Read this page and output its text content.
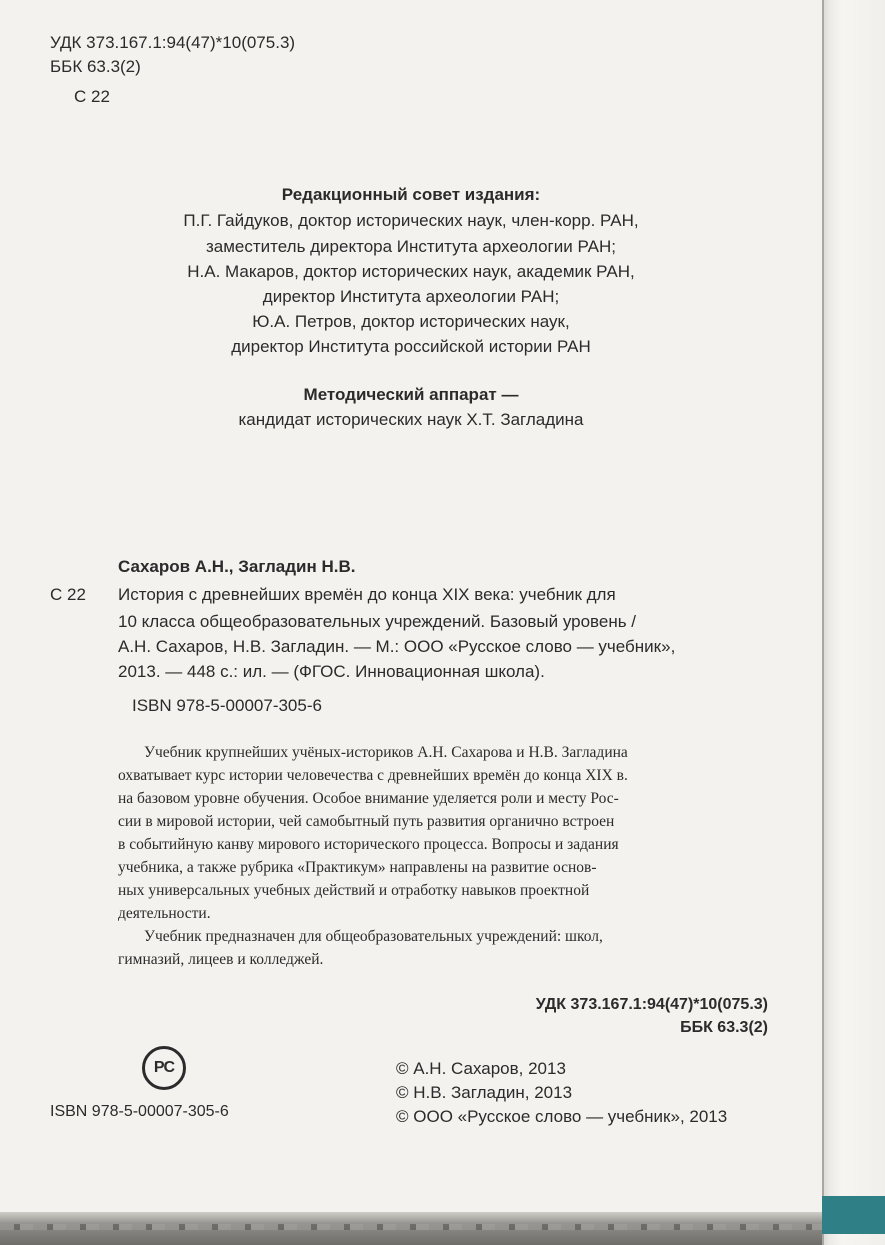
УДК 373.167.1:94(47)*10(075.3)
ББК 63.3(2)
С 22
Редакционный совет издания:
П.Г. Гайдуков, доктор исторических наук, член-корр. РАН,
заместитель директора Института археологии РАН;
Н.А. Макаров, доктор исторических наук, академик РАН,
директор Института археологии РАН;
Ю.А. Петров, доктор исторических наук,
директор Института российской истории РАН
Методический аппарат —
кандидат исторических наук Х.Т. Загладина
Сахаров А.Н., Загладин Н.В.
С 22 История с древнейших времён до конца XIX века: учебник для
10 класса общеобразовательных учреждений. Базовый уровень /
А.Н. Сахаров, Н.В. Загладин. — М.: ООО «Русское слово — учебник»,
2013. — 448 с.: ил. — (ФГОС. Инновационная школа).
ISBN 978-5-00007-305-6
Учебник крупнейших учёных-историков А.Н. Сахарова и Н.В. Загладина
охватывает курс истории человечества с древнейших времён до конца XIX в.
на базовом уровне обучения. Особое внимание уделяется роли и месту Рос-
сии в мировой истории, чей самобытный путь развития органично встроен
в событийную канву мирового исторического процесса. Вопросы и задания
учебника, а также рубрика «Практикум» направлены на развитие основ-
ных универсальных учебных действий и отработку навыков проектной
деятельности.
Учебник предназначен для общеобразовательных учреждений: школ,
гимназий, лицеев и колледжей.
УДК 373.167.1:94(47)*10(075.3)
ББК 63.3(2)
PC
ISBN 978-5-00007-305-6
© А.Н. Сахаров, 2013
© Н.В. Загладин, 2013
© ООО «Русское слово — учебник», 2013
